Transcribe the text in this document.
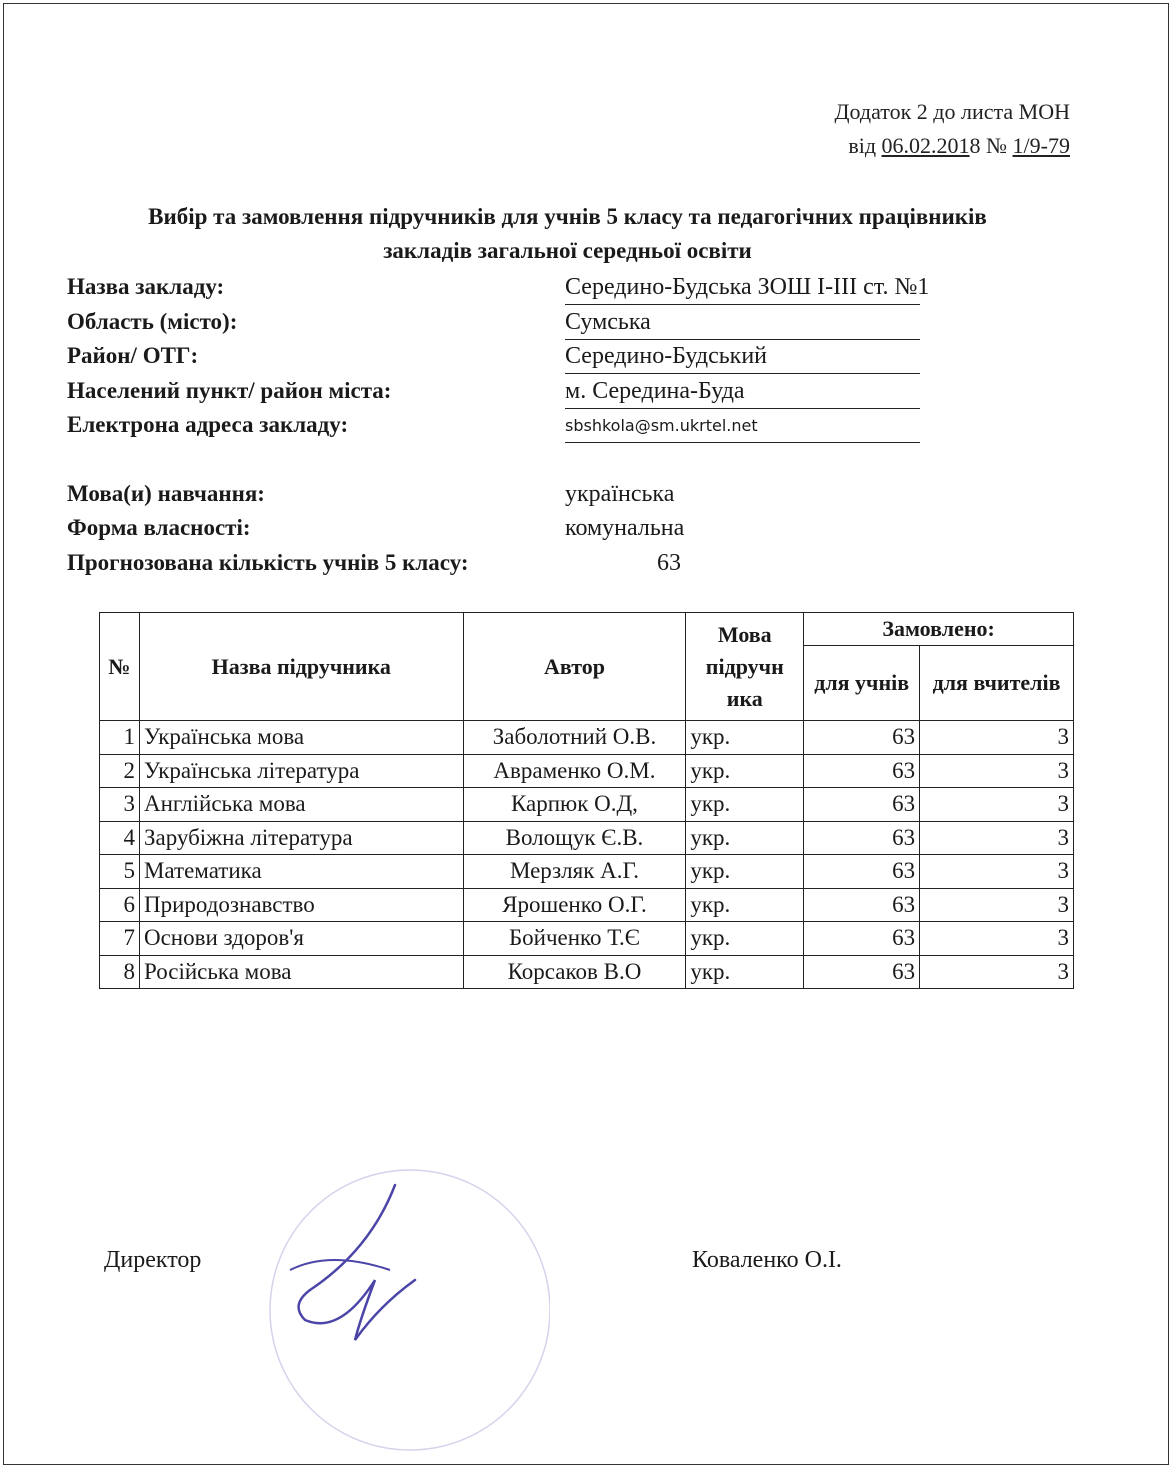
Додаток 2 до листа МОН
від 06.02.2018 № 1/9-79
Вибір та замовлення підручників для учнів 5 класу та педагогічних працівників
закладів загальної середньої освіти
Назва закладу:	Середино-Будська ЗОШ І-ІІІ ст. №1
Область (місто):	Сумська
Район/ ОТГ:	Середино-Будський
Населений пункт/ район міста:	м. Середина-Буда
Електрона адреса закладу:	sbshkola@sm.ukrtel.net
Мова(и) навчання:	українська
Форма власності:	комунальна
Прогнозована кількість учнів 5 класу:	63
№	Назва підручника	Автор	Мова підручн ика	Замовлено:	
				для учнів	для вчителів
1	Українська мова	Заболотний О.В.	укр.	63	3
2	Українська література	Авраменко О.М.	укр.	63	3
3	Англійська мова	Карпюк О.Д,	укр.	63	3
4	Зарубіжна література	Волощук Є.В.	укр.	63	3
5	Математика	Мерзляк А.Г.	укр.	63	3
6	Природознавство	Ярошенко О.Г.	укр.	63	3
7	Основи здоров'я	Бойченко Т.Є	укр.	63	3
8	Російська мова	Корсаков В.О	укр.	63	3
Директор	Коваленко О.І.
